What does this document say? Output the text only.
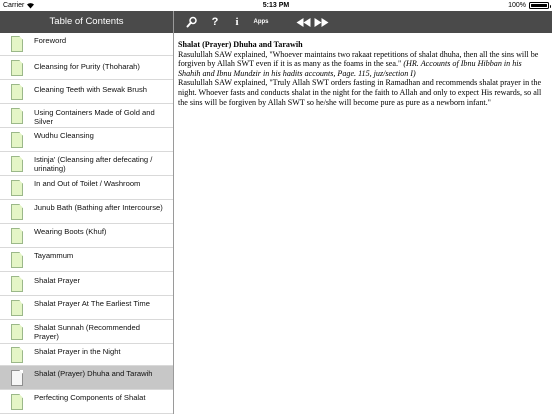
Carrier	5:13 PM	100%
Table of Contents	? i Apps
Foreword
Cleansing for Purity (Thoharah)
Cleaning Teeth with Sewak Brush
Using Containers Made of Gold and Silver
Wudhu Cleansing
Istinja' (Cleansing after defecating / urinating)
In and Out of Toilet / Washroom
Junub Bath (Bathing after Intercourse)
Wearing Boots (Khuf)
Tayammum
Shalat Prayer
Shalat Prayer At The Earliest Time
Shalat Sunnah (Recommended Prayer)
Shalat Prayer in the Night
Shalat (Prayer) Dhuha and Tarawih
Perfecting Components of Shalat
Shalat (Prayer) Dhuha and Tarawih
Rasulullah SAW explained, "Whoever maintains two rakaat repetitions of shalat dhuha, then all the sins will be forgiven by Allah SWT even if it is as many as the foams in the sea." (HR. Accounts of Ibnu Hibban in his Shahih and Ibnu Mundzir in his hadits accounts, Page. 115, juz/section I)
Rasulullah SAW explained, "Truly Allah SWT orders fasting in Ramadhan and recommends shalat prayer in the night. Whoever fasts and conducts shalat in the night for the faith to Allah and only to expect His rewards, so all the sins will be forgiven by Allah SWT so he/she will become pure as pure as a newborn infant."
